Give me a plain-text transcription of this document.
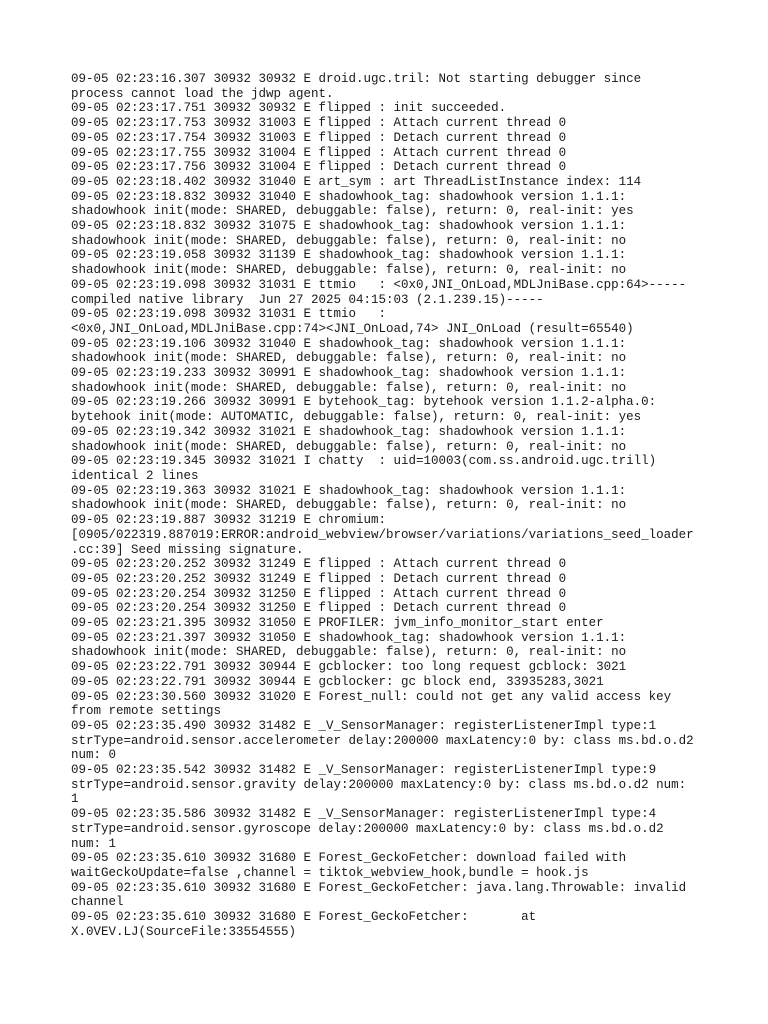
09-05 02:23:16.307 30932 30932 E droid.ugc.tril: Not starting debugger since
process cannot load the jdwp agent.
09-05 02:23:17.751 30932 30932 E flipped : init succeeded.
09-05 02:23:17.753 30932 31003 E flipped : Attach current thread 0
09-05 02:23:17.754 30932 31003 E flipped : Detach current thread 0
09-05 02:23:17.755 30932 31004 E flipped : Attach current thread 0
09-05 02:23:17.756 30932 31004 E flipped : Detach current thread 0
09-05 02:23:18.402 30932 31040 E art_sym : art ThreadListInstance index: 114
09-05 02:23:18.832 30932 31040 E shadowhook_tag: shadowhook version 1.1.1:
shadowhook init(mode: SHARED, debuggable: false), return: 0, real-init: yes
09-05 02:23:18.832 30932 31075 E shadowhook_tag: shadowhook version 1.1.1:
shadowhook init(mode: SHARED, debuggable: false), return: 0, real-init: no
09-05 02:23:19.058 30932 31139 E shadowhook_tag: shadowhook version 1.1.1:
shadowhook init(mode: SHARED, debuggable: false), return: 0, real-init: no
09-05 02:23:19.098 30932 31031 E ttmio   : <0x0,JNI_OnLoad,MDLJniBase.cpp:64>-----
compiled native library  Jun 27 2025 04:15:03 (2.1.239.15)-----
09-05 02:23:19.098 30932 31031 E ttmio   :
<0x0,JNI_OnLoad,MDLJniBase.cpp:74><JNI_OnLoad,74> JNI_OnLoad (result=65540)
09-05 02:23:19.106 30932 31040 E shadowhook_tag: shadowhook version 1.1.1:
shadowhook init(mode: SHARED, debuggable: false), return: 0, real-init: no
09-05 02:23:19.233 30932 30991 E shadowhook_tag: shadowhook version 1.1.1:
shadowhook init(mode: SHARED, debuggable: false), return: 0, real-init: no
09-05 02:23:19.266 30932 30991 E bytehook_tag: bytehook version 1.1.2-alpha.0:
bytehook init(mode: AUTOMATIC, debuggable: false), return: 0, real-init: yes
09-05 02:23:19.342 30932 31021 E shadowhook_tag: shadowhook version 1.1.1:
shadowhook init(mode: SHARED, debuggable: false), return: 0, real-init: no
09-05 02:23:19.345 30932 31021 I chatty  : uid=10003(com.ss.android.ugc.trill)
identical 2 lines
09-05 02:23:19.363 30932 31021 E shadowhook_tag: shadowhook version 1.1.1:
shadowhook init(mode: SHARED, debuggable: false), return: 0, real-init: no
09-05 02:23:19.887 30932 31219 E chromium:
[0905/022319.887019:ERROR:android_webview/browser/variations/variations_seed_loader
.cc:39] Seed missing signature.
09-05 02:23:20.252 30932 31249 E flipped : Attach current thread 0
09-05 02:23:20.252 30932 31249 E flipped : Detach current thread 0
09-05 02:23:20.254 30932 31250 E flipped : Attach current thread 0
09-05 02:23:20.254 30932 31250 E flipped : Detach current thread 0
09-05 02:23:21.395 30932 31050 E PROFILER: jvm_info_monitor_start enter
09-05 02:23:21.397 30932 31050 E shadowhook_tag: shadowhook version 1.1.1:
shadowhook init(mode: SHARED, debuggable: false), return: 0, real-init: no
09-05 02:23:22.791 30932 30944 E gcblocker: too long request gcblock: 3021
09-05 02:23:22.791 30932 30944 E gcblocker: gc block end, 33935283,3021
09-05 02:23:30.560 30932 31020 E Forest_null: could not get any valid access key
from remote settings
09-05 02:23:35.490 30932 31482 E _V_SensorManager: registerListenerImpl type:1
strType=android.sensor.accelerometer delay:200000 maxLatency:0 by: class ms.bd.o.d2
num: 0
09-05 02:23:35.542 30932 31482 E _V_SensorManager: registerListenerImpl type:9
strType=android.sensor.gravity delay:200000 maxLatency:0 by: class ms.bd.o.d2 num:
1
09-05 02:23:35.586 30932 31482 E _V_SensorManager: registerListenerImpl type:4
strType=android.sensor.gyroscope delay:200000 maxLatency:0 by: class ms.bd.o.d2
num: 1
09-05 02:23:35.610 30932 31680 E Forest_GeckoFetcher: download failed with
waitGeckoUpdate=false ,channel = tiktok_webview_hook,bundle = hook.js
09-05 02:23:35.610 30932 31680 E Forest_GeckoFetcher: java.lang.Throwable: invalid
channel
09-05 02:23:35.610 30932 31680 E Forest_GeckoFetcher:       at
X.0VEV.LJ(SourceFile:33554555)
